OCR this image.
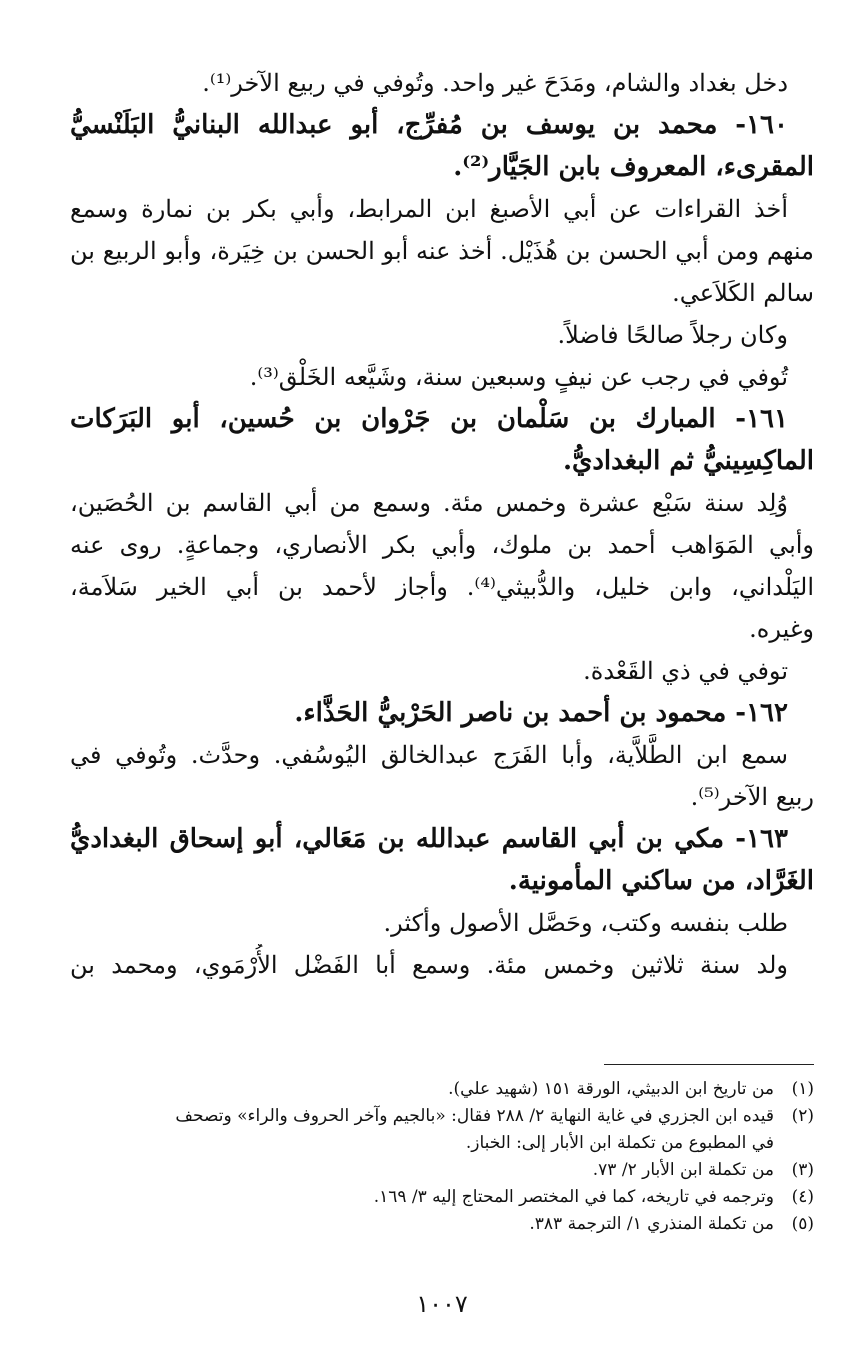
دخل بغداد والشام، ومَدَحَ غير واحد. وتُوفي في ربيع الآخر⁽¹⁾.
١٦٠- محمد بن يوسف بن مُفرِّج، أبو عبدالله البنانيُّ البَلَنْسيُّ
المقرىء، المعروف بابن الجَيَّار⁽²⁾.
أخذ القراءات عن أبي الأصبغ ابن المرابط، وأبي بكر بن نمارة وسمع
منهم ومن أبي الحسن بن هُذَيْل. أخذ عنه أبو الحسن بن خِيَرة، وأبو الربيع بن
سالم الكَلاَعي.
وكان رجلاً صالحًا فاضلاً.
تُوفي في رجب عن نيفٍ وسبعين سنة، وشَيَّعه الخَلْق⁽³⁾.
١٦١- المبارك بن سَلْمان بن جَرْوان بن حُسين، أبو البَرَكات
الماكِسِينيُّ ثم البغداديُّ.
وُلِد سنة سَبْع عشرة وخمس مئة. وسمع من أبي القاسم بن الحُصَين،
وأبي المَوَاهب أحمد بن ملوك، وأبي بكر الأنصاري، وجماعةٍ. روى عنه
اليَلْداني، وابن خليل، والدُّبيثي⁽⁴⁾. وأجاز لأحمد بن أبي الخير سَلاَمة،
وغيره.
توفي في ذي القَعْدة.
١٦٢- محمود بن أحمد بن ناصر الحَرْبيُّ الحَذَّاء.
سمع ابن الطَّلاَّية، وأبا الفَرَج عبدالخالق اليُوسُفي. وحدَّث. وتُوفي في
ربيع الآخر⁽⁵⁾.
١٦٣- مكي بن أبي القاسم عبدالله بن مَعَالي، أبو إسحاق البغداديُّ
الغَرَّاد، من ساكني المأمونية.
طلب بنفسه وكتب، وحَصَّل الأصول وأكثر.
ولد سنة ثلاثين وخمس مئة. وسمع أبا الفَضْل الأُرْمَوي، ومحمد بن
(١)
من تاريخ ابن الدبيثي، الورقة ١٥١ (شهيد علي).
(٢)
قيده ابن الجزري في غاية النهاية ٢/ ٢٨٨ فقال: «بالجيم وآخر الحروف والراء» وتصحف
في المطبوع من تكملة ابن الأبار إلى: الخباز.
(٣)
من تكملة ابن الأبار ٢/ ٧٣.
(٤)
وترجمه في تاريخه، كما في المختصر المحتاج إليه ٣/ ١٦٩.
(٥)
من تكملة المنذري ١/ الترجمة ٣٨٣.
١٠٠٧
